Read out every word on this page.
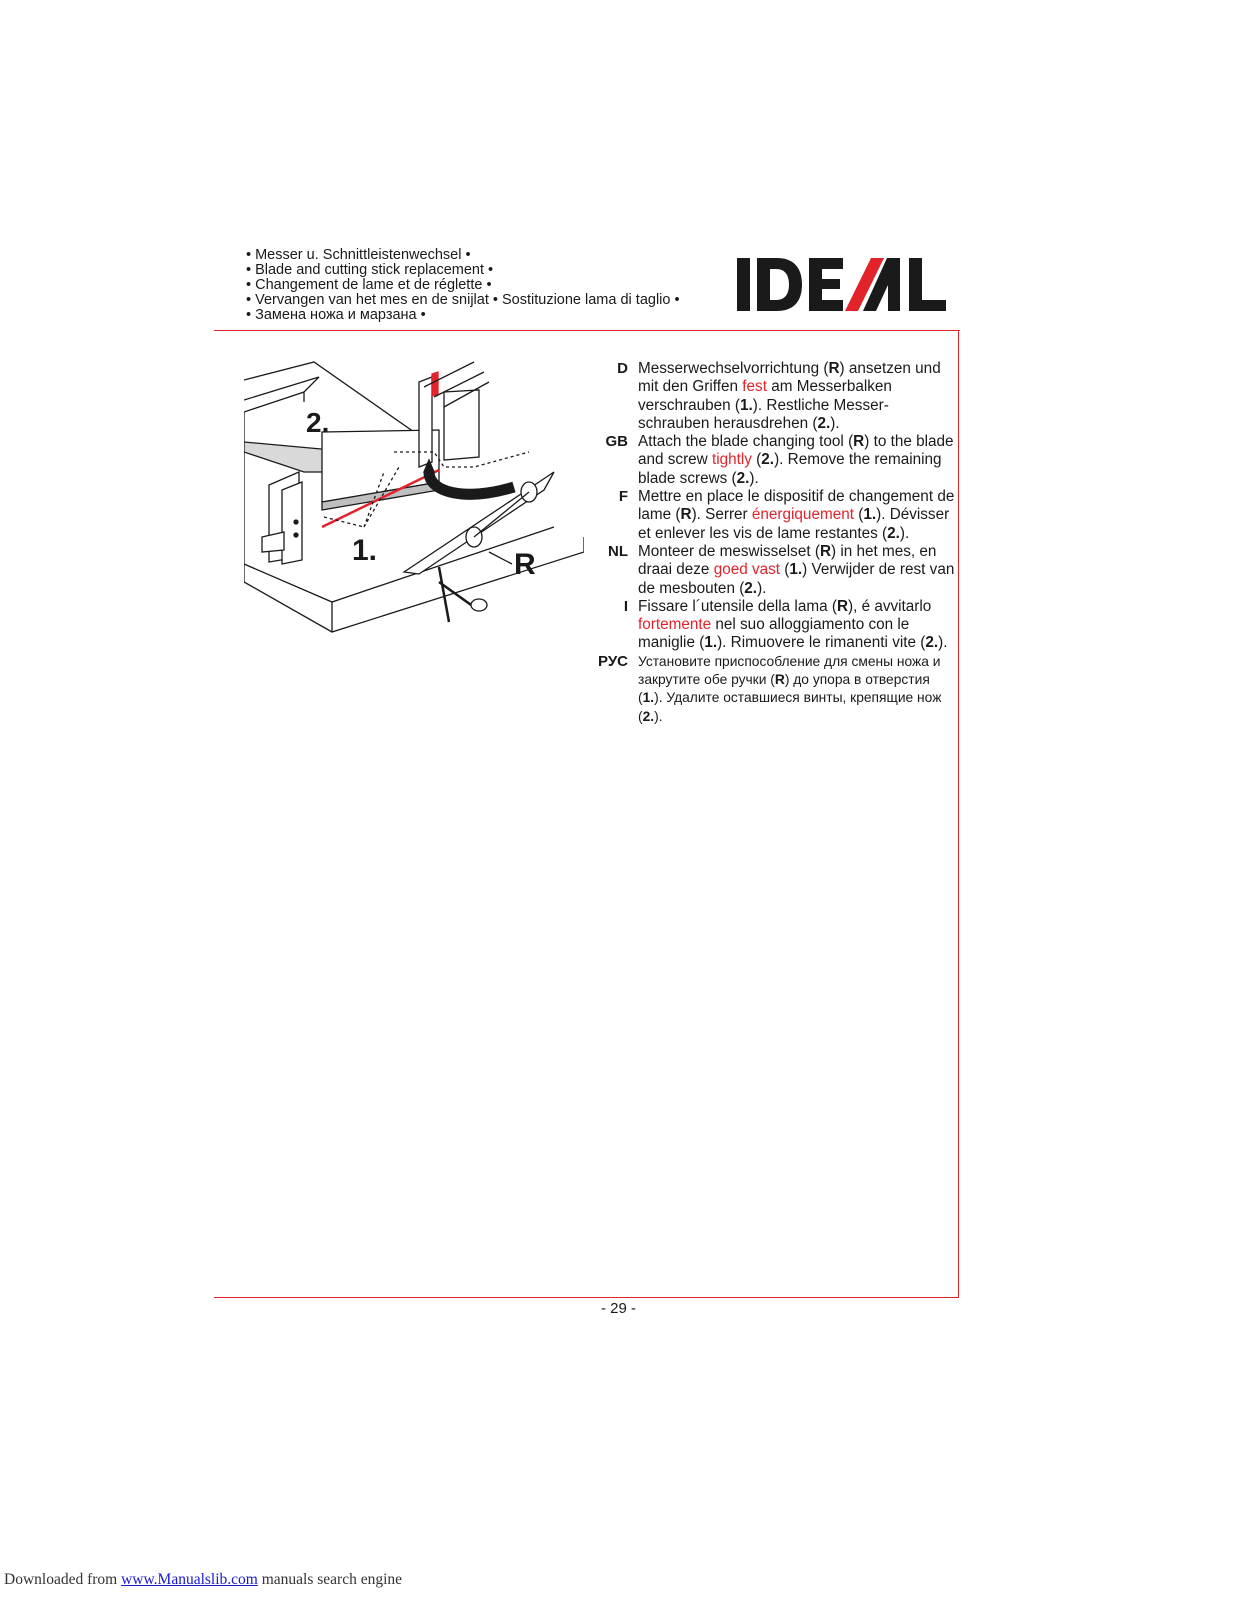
• Messer u. Schnittleistenwechsel •
• Blade and cutting stick replacement •
• Changement de lame et de réglette •
• Vervangen van het mes en de snijlat • Sostituzione lama di taglio •
• Замена ножа и марзана •
IDEAL
2.
1.	R
D Messerwechselvorrichtung (R) ansetzen und mit den Griffen fest am Messerbalken verschrauben (1.). Restliche Messer-schrauben herausdrehen (2.).
GB Attach the blade changing tool (R) to the blade and screw tightly (2.). Remove the remaining blade screws (2.).
F Mettre en place le dispositif de changement de lame (R). Serrer énergiquement (1.). Dévisser et enlever les vis de lame restantes (2.).
NL Monteer de meswisselset (R) in het mes, en draai deze goed vast (1.) Verwijder de rest van de mesbouten (2.).
I Fissare l´utensile della lama (R), é avvitarlo fortemente nel suo alloggiamento con le maniglie (1.). Rimuovere le rimanenti vite (2.).
РУС Установите приспособление для смены ножа и закрутите обе ручки (R) до упора в отверстия (1.). Удалите оставшиеся винты, крепящие нож (2.).
- 29 -
Downloaded from www.Manualslib.com manuals search engine
